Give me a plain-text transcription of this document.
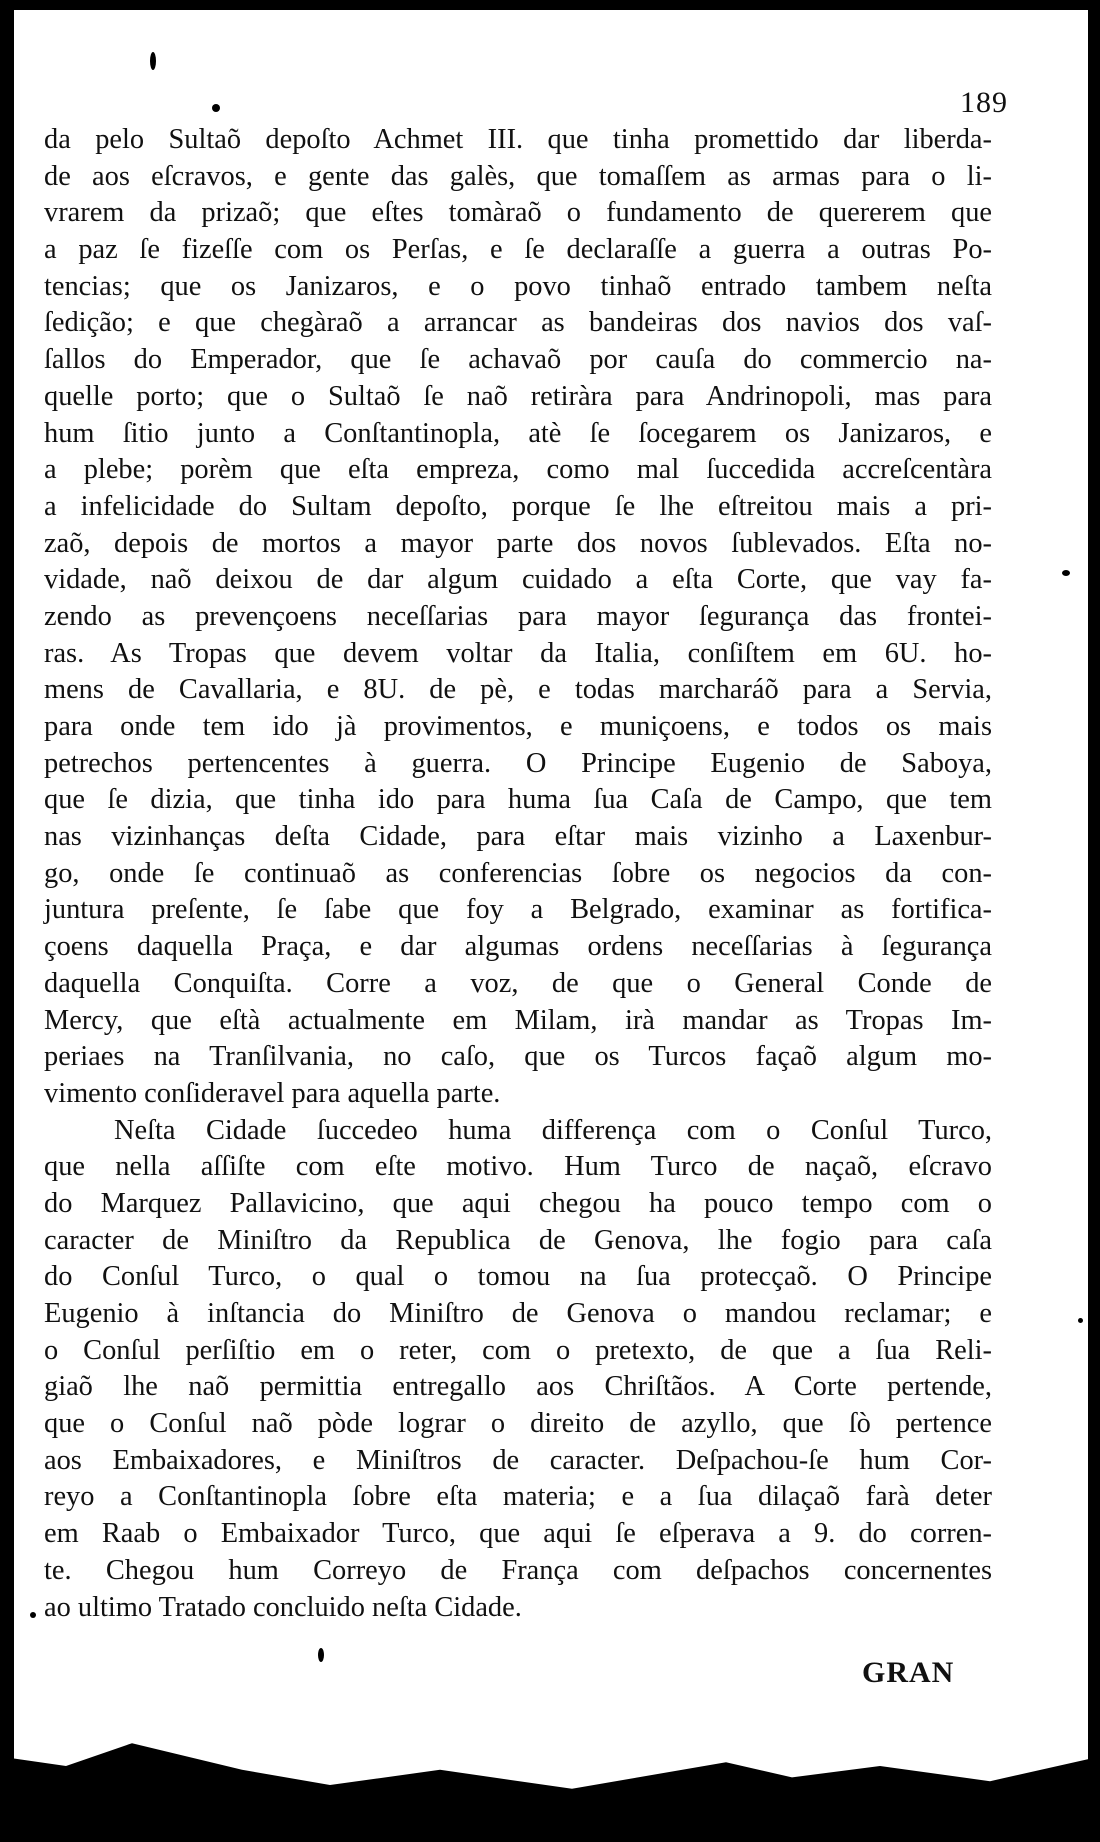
189
da pelo Sultaõ depoſto Achmet III. que tinha promettido dar liberda-
de aos eſcravos, e gente das galès, que tomaſſem as armas para o li-
vrarem da prizaõ; que eſtes tomàraõ o fundamento de quererem que
a paz ſe fizeſſe com os Perſas, e ſe declaraſſe a guerra a outras Po-
tencias; que os Janizaros, e o povo tinhaõ entrado tambem neſta
ſedição; e que chegàraõ a arrancar as bandeiras dos navios dos vaſ-
ſallos do Emperador, que ſe achavaõ por cauſa do commercio na-
quelle porto; que o Sultaõ ſe naõ retiràra para Andrinopoli, mas para
hum ſitio junto a Conſtantinopla, atè ſe ſocegarem os Janizaros, e
a plebe; porèm que eſta empreza, como mal ſuccedida accreſcentàra
a infelicidade do Sultam depoſto, porque ſe lhe eſtreitou mais a pri-
zaõ, depois de mortos a mayor parte dos novos ſublevados. Eſta no-
vidade, naõ deixou de dar algum cuidado a eſta Corte, que vay fa-
zendo as prevençoens neceſſarias para mayor ſegurança das frontei-
ras. As Tropas que devem voltar da Italia, conſiſtem em 6U. ho-
mens de Cavallaria, e 8U. de pè, e todas marcharáõ para a Servia,
para onde tem ido jà provimentos, e muniçoens, e todos os mais
petrechos pertencentes à guerra. O Principe Eugenio de Saboya,
que ſe dizia, que tinha ido para huma ſua Caſa de Campo, que tem
nas vizinhanças deſta Cidade, para eſtar mais vizinho a Laxenbur-
go, onde ſe continuaõ as conferencias ſobre os negocios da con-
juntura preſente, ſe ſabe que foy a Belgrado, examinar as fortifica-
çoens daquella Praça, e dar algumas ordens neceſſarias à ſegurança
daquella Conquiſta. Corre a voz, de que o General Conde de
Mercy, que eſtà actualmente em Milam, irà mandar as Tropas Im-
periaes na Tranſilvania, no caſo, que os Turcos façaõ algum mo-
vimento conſideravel para aquella parte.
Neſta Cidade ſuccedeo huma differença com o Conſul Turco,
que nella aſſiſte com eſte motivo. Hum Turco de naçaõ, eſcravo
do Marquez Pallavicino, que aqui chegou ha pouco tempo com o
caracter de Miniſtro da Republica de Genova, lhe fogio para caſa
do Conſul Turco, o qual o tomou na ſua protecçaõ. O Principe
Eugenio à inſtancia do Miniſtro de Genova o mandou reclamar; e
o Conſul perſiſtio em o reter, com o pretexto, de que a ſua Reli-
giaõ lhe naõ permittia entregallo aos Chriſtãos. A Corte pertende,
que o Conſul naõ pòde lograr o direito de azyllo, que ſò pertence
aos Embaixadores, e Miniſtros de caracter. Deſpachou-ſe hum Cor-
reyo a Conſtantinopla ſobre eſta materia; e a ſua dilaçaõ farà deter
em Raab o Embaixador Turco, que aqui ſe eſperava a 9. do corren-
te. Chegou hum Correyo de França com deſpachos concernentes
ao ultimo Tratado concluido neſta Cidade.
GRAN
